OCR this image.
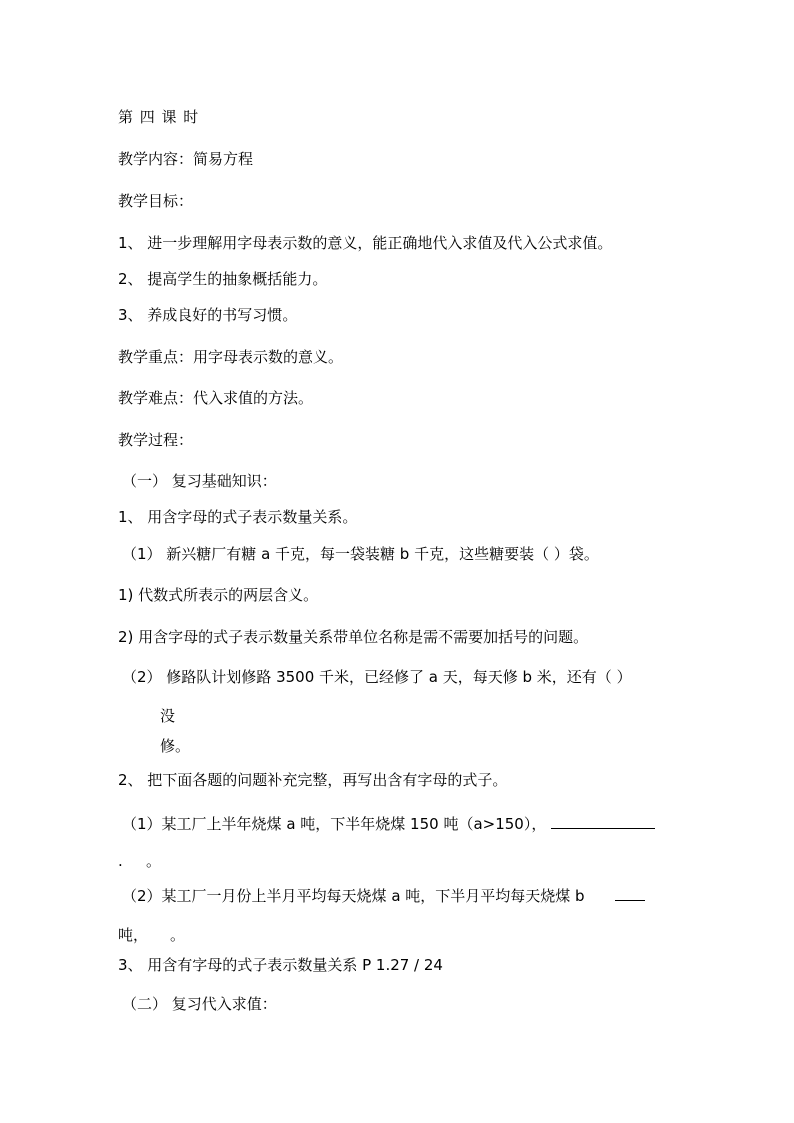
第 四 课 时
教学内容：简易方程
教学目标：
1、 进一步理解用字母表示数的意义，能正确地代入求值及代入公式求值。
2、 提高学生的抽象概括能力。
3、 养成良好的书写习惯。
教学重点：用字母表示数的意义。
教学难点：代入求值的方法。
教学过程：
（一） 复习基础知识：
1、 用含字母的式子表示数量关系。
（1） 新兴糖厂有糖 a 千克，每一袋装糖 b 千克，这些糖要装（ ）袋。
1) 代数式所表示的两层含义。
2) 用含字母的式子表示数量关系带单位名称是需不需要加括号的问题。
（2） 修路队计划修路 3500 千米，已经修了 a 天，每天修 b 米，还有（ ）
没
修。
2、 把下面各题的问题补充完整，再写出含有字母的式子。
（1）某工厂上半年烧煤 a 吨，下半年烧煤 150 吨（a>150），
. 。
（2）某工厂一月份上半月平均每天烧煤 a 吨，下半月平均每天烧煤 b
吨， 。
3、 用含有字母的式子表示数量关系 P 1.27 / 24
（二） 复习代入求值：
